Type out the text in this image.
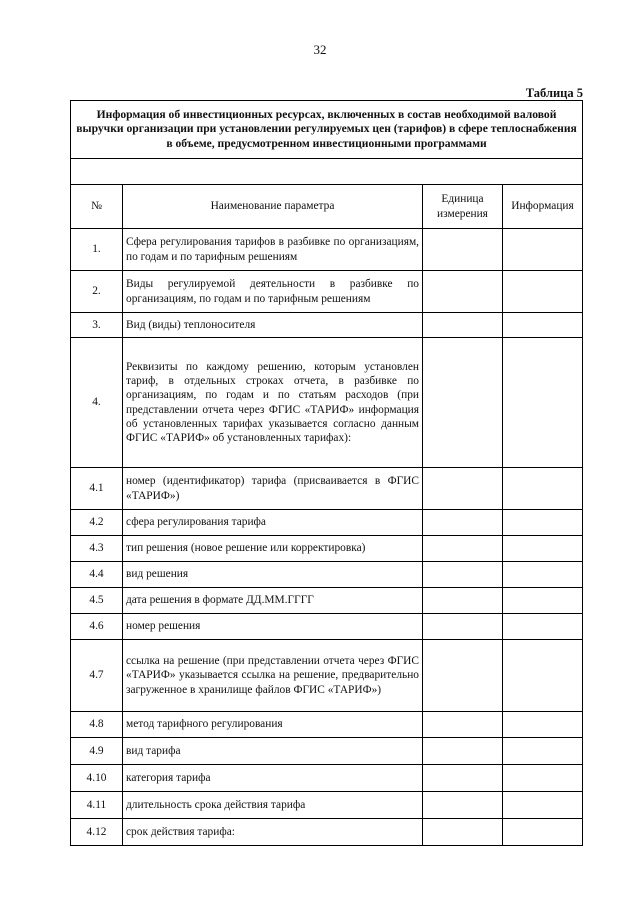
32
Таблица 5
Информация об инвестиционных ресурсах, включенных в состав необходимой валовой выручки организации при установлении регулируемых цен (тарифов) в сфере теплоснабжения в объеме, предусмотренном инвестиционными программами			

№	Наименование параметра	Единица измерения	Информация
1.	Сфера регулирования тарифов в разбивке по организациям, по годам и по тарифным решениям		
2.	Виды регулируемой деятельности в разбивке по организациям, по годам и по тарифным решениям		
3.	Вид (виды) теплоносителя		
4.	Реквизиты по каждому решению, которым установлен тариф, в отдельных строках отчета, в разбивке по организациям, по годам и по статьям расходов (при представлении отчета через ФГИС «ТАРИФ» информация об установленных тарифах указывается согласно данным ФГИС «ТАРИФ» об установленных тарифах):		
4.1	номер (идентификатор) тарифа (присваивается в ФГИС «ТАРИФ»)		
4.2	сфера регулирования тарифа		
4.3	тип решения (новое решение или корректировка)		
4.4	вид решения		
4.5	дата решения в формате ДД.ММ.ГГГГ		
4.6	номер решения		
4.7	ссылка на решение (при представлении отчета через ФГИС «ТАРИФ» указывается ссылка на решение, предварительно загруженное в хранилище файлов ФГИС «ТАРИФ»)		
4.8	метод тарифного регулирования		
4.9	вид тарифа		
4.10	категория тарифа		
4.11	длительность срока действия тарифа		
4.12	срок действия тарифа:		
